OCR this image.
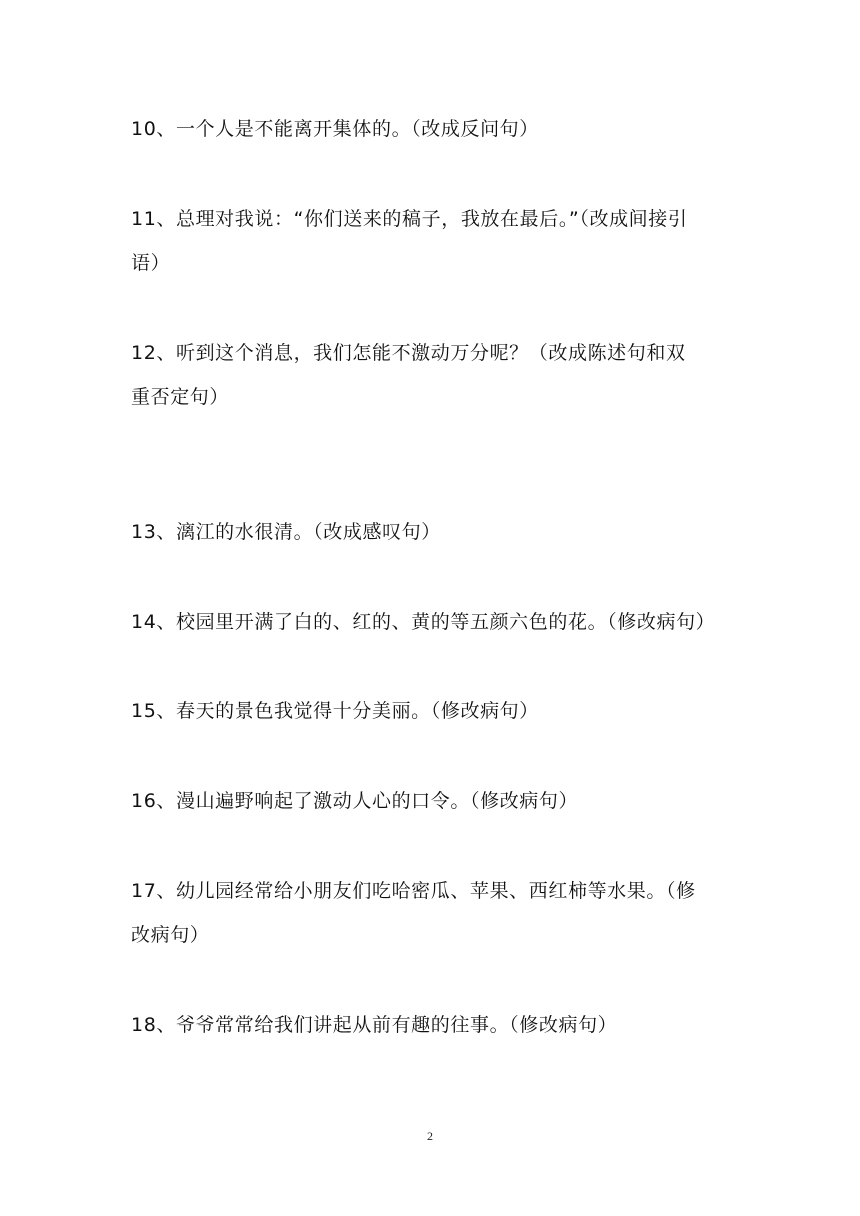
10、一个人是不能离开集体的。（改成反问句）
11、总理对我说：“你们送来的稿子，我放在最后。”（改成间接引
语）
12、听到这个消息，我们怎能不激动万分呢？（改成陈述句和双
重否定句）
13、漓江的水很清。（改成感叹句）
14、校园里开满了白的、红的、黄的等五颜六色的花。（修改病句）
15、春天的景色我觉得十分美丽。（修改病句）
16、漫山遍野响起了激动人心的口令。（修改病句）
17、幼儿园经常给小朋友们吃哈密瓜、苹果、西红柿等水果。（修
改病句）
18、爷爷常常给我们讲起从前有趣的往事。（修改病句）
2
